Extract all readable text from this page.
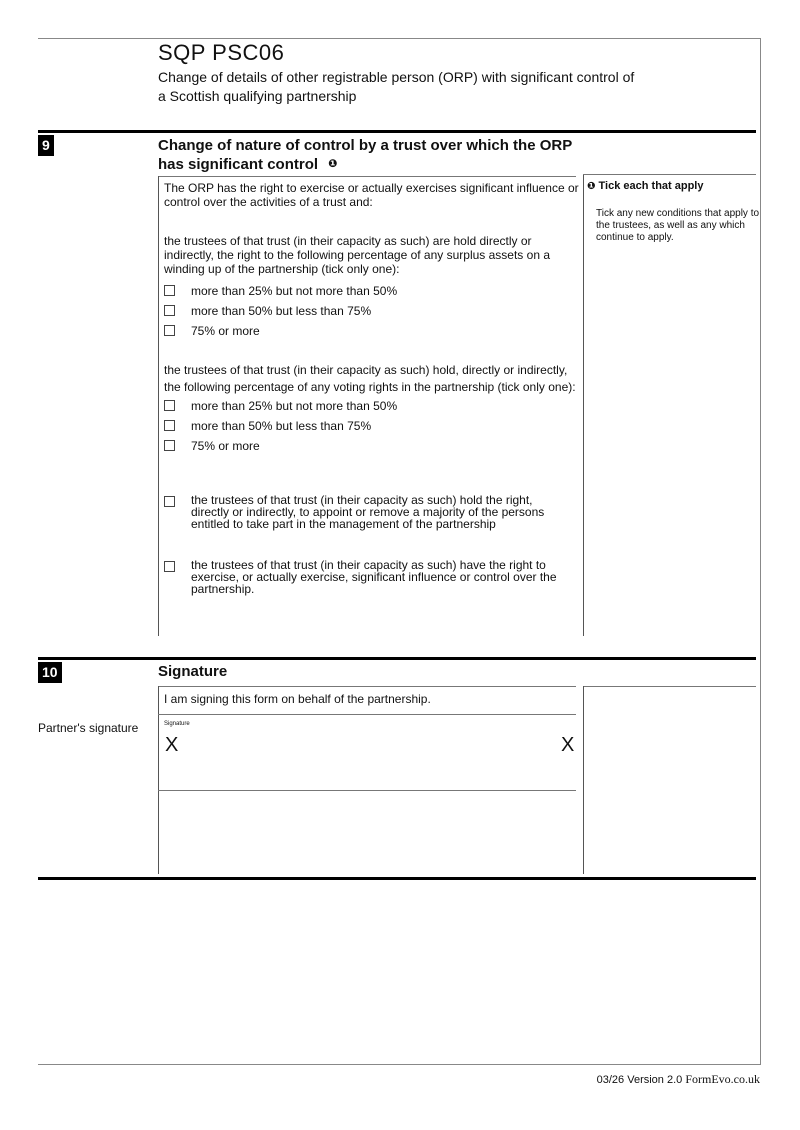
SQP PSC06
Change of details of other registrable person (ORP) with significant control of
a Scottish qualifying partnership
9	Change of nature of control by a trust over which the ORP
has significant control ❶
The ORP has the right to exercise or actually exercises significant influence or
control over the activities of a trust and:
the trustees of that trust (in their capacity as such) are hold directly or
indirectly, the right to the following percentage of any surplus assets on a
winding up of the partnership (tick only one):
more than 25% but not more than 50%
more than 50% but less than 75%
75% or more
the trustees of that trust (in their capacity as such) hold, directly or indirectly,
the following percentage of any voting rights in the partnership (tick only one):
more than 25% but not more than 50%
more than 50% but less than 75%
75% or more
the trustees of that trust (in their capacity as such) hold the right, directly or indirectly, to appoint or remove a majority of the persons entitled to take part in the management of the partnership
the trustees of that trust (in their capacity as such) have the right to exercise, or actually exercise, significant influence or control over the partnership.
❶ Tick each that apply
Tick any new conditions that apply to the trustees, as well as any which continue to apply.
10	Signature
I am signing this form on behalf of the partnership.
Partner's signature	Signature
X	X
03/26 Version 2.0 FormEvo.co.uk
